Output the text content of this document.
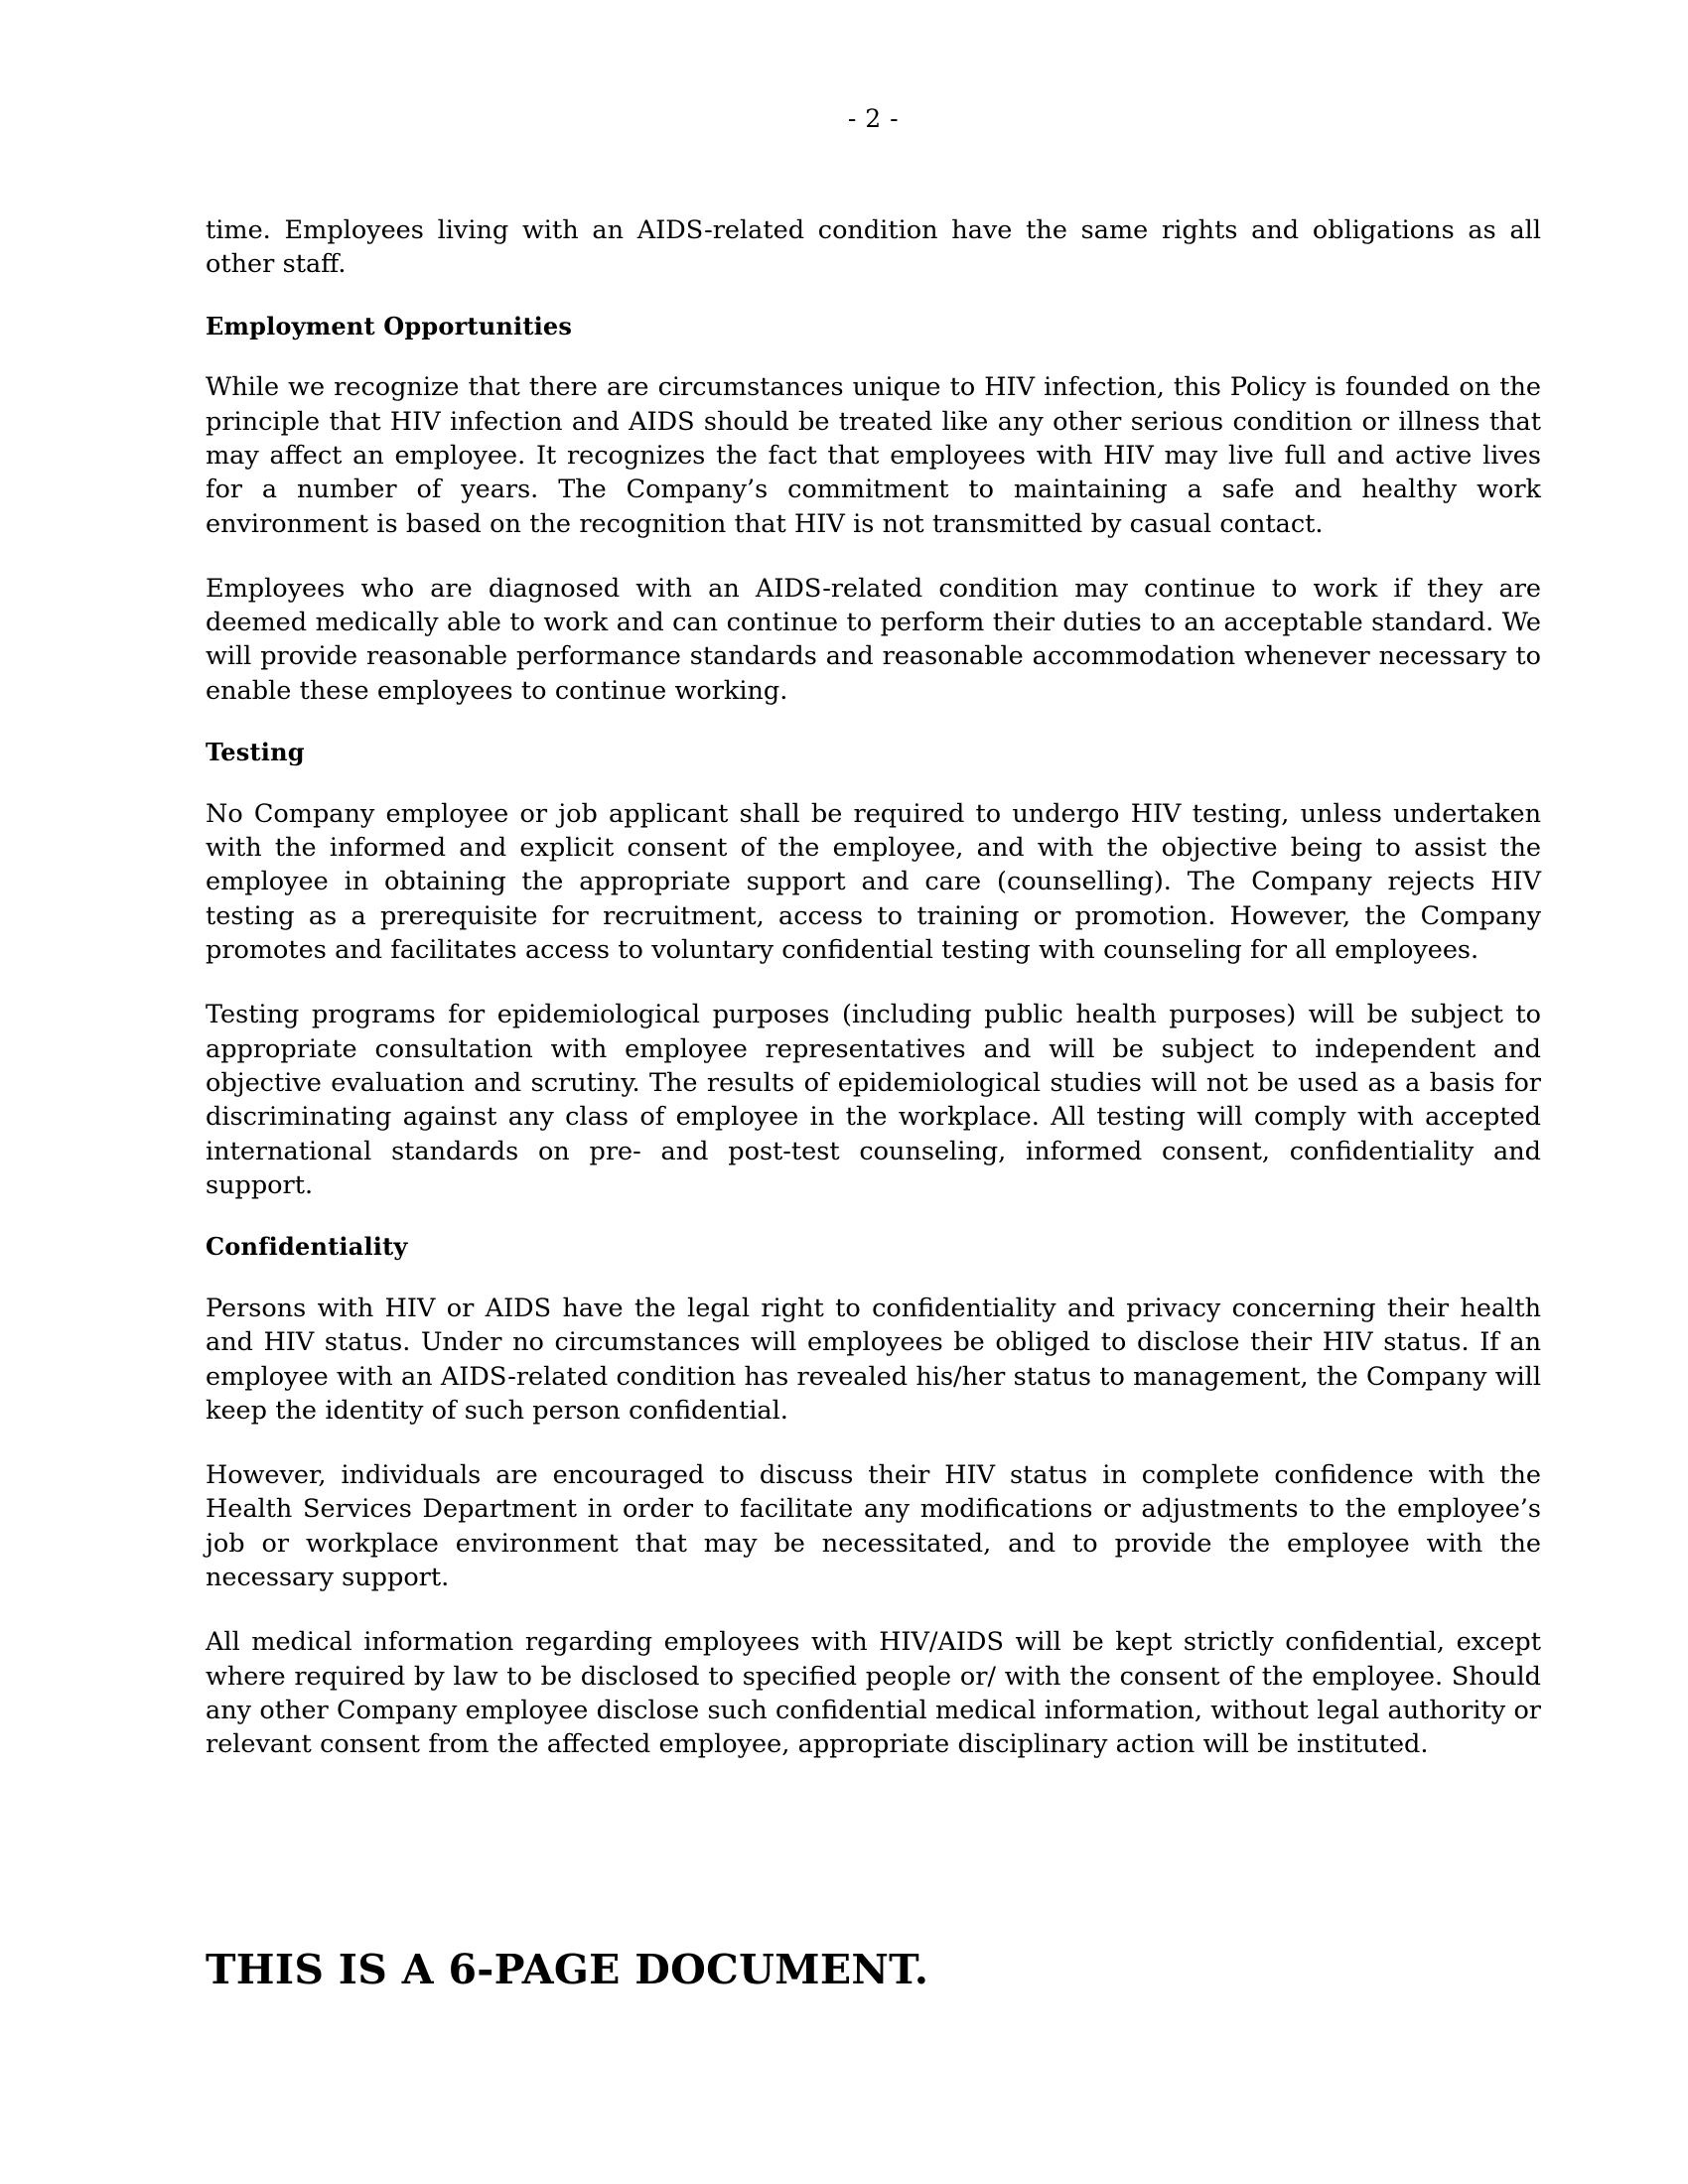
- 2 -

time. Employees living with an AIDS-related condition have the same rights and obligations as all other staff.

Employment Opportunities

While we recognize that there are circumstances unique to HIV infection, this Policy is founded on the principle that HIV infection and AIDS should be treated like any other serious condition or illness that may affect an employee. It recognizes the fact that employees with HIV may live full and active lives for a number of years. The Company’s commitment to maintaining a safe and healthy work environment is based on the recognition that HIV is not transmitted by casual contact.

Employees who are diagnosed with an AIDS-related condition may continue to work if they are deemed medically able to work and can continue to perform their duties to an acceptable standard. We will provide reasonable performance standards and reasonable accommodation whenever necessary to enable these employees to continue working.

Testing

No Company employee or job applicant shall be required to undergo HIV testing, unless undertaken with the informed and explicit consent of the employee, and with the objective being to assist the employee in obtaining the appropriate support and care (counselling). The Company rejects HIV testing as a prerequisite for recruitment, access to training or promotion. However, the Company promotes and facilitates access to voluntary confidential testing with counseling for all employees.

Testing programs for epidemiological purposes (including public health purposes) will be subject to appropriate consultation with employee representatives and will be subject to independent and objective evaluation and scrutiny. The results of epidemiological studies will not be used as a basis for discriminating against any class of employee in the workplace. All testing will comply with accepted international standards on pre- and post-test counseling, informed consent, confidentiality and support.

Confidentiality

Persons with HIV or AIDS have the legal right to confidentiality and privacy concerning their health and HIV status. Under no circumstances will employees be obliged to disclose their HIV status. If an employee with an AIDS-related condition has revealed his/her status to management, the Company will keep the identity of such person confidential.

However, individuals are encouraged to discuss their HIV status in complete confidence with the Health Services Department in order to facilitate any modifications or adjustments to the employee’s job or workplace environment that may be necessitated, and to provide the employee with the necessary support.

All medical information regarding employees with HIV/AIDS will be kept strictly confidential, except where required by law to be disclosed to specified people or/ with the consent of the employee. Should any other Company employee disclose such confidential medical information, without legal authority or relevant consent from the affected employee, appropriate disciplinary action will be instituted.

THIS IS A 6-PAGE DOCUMENT.
